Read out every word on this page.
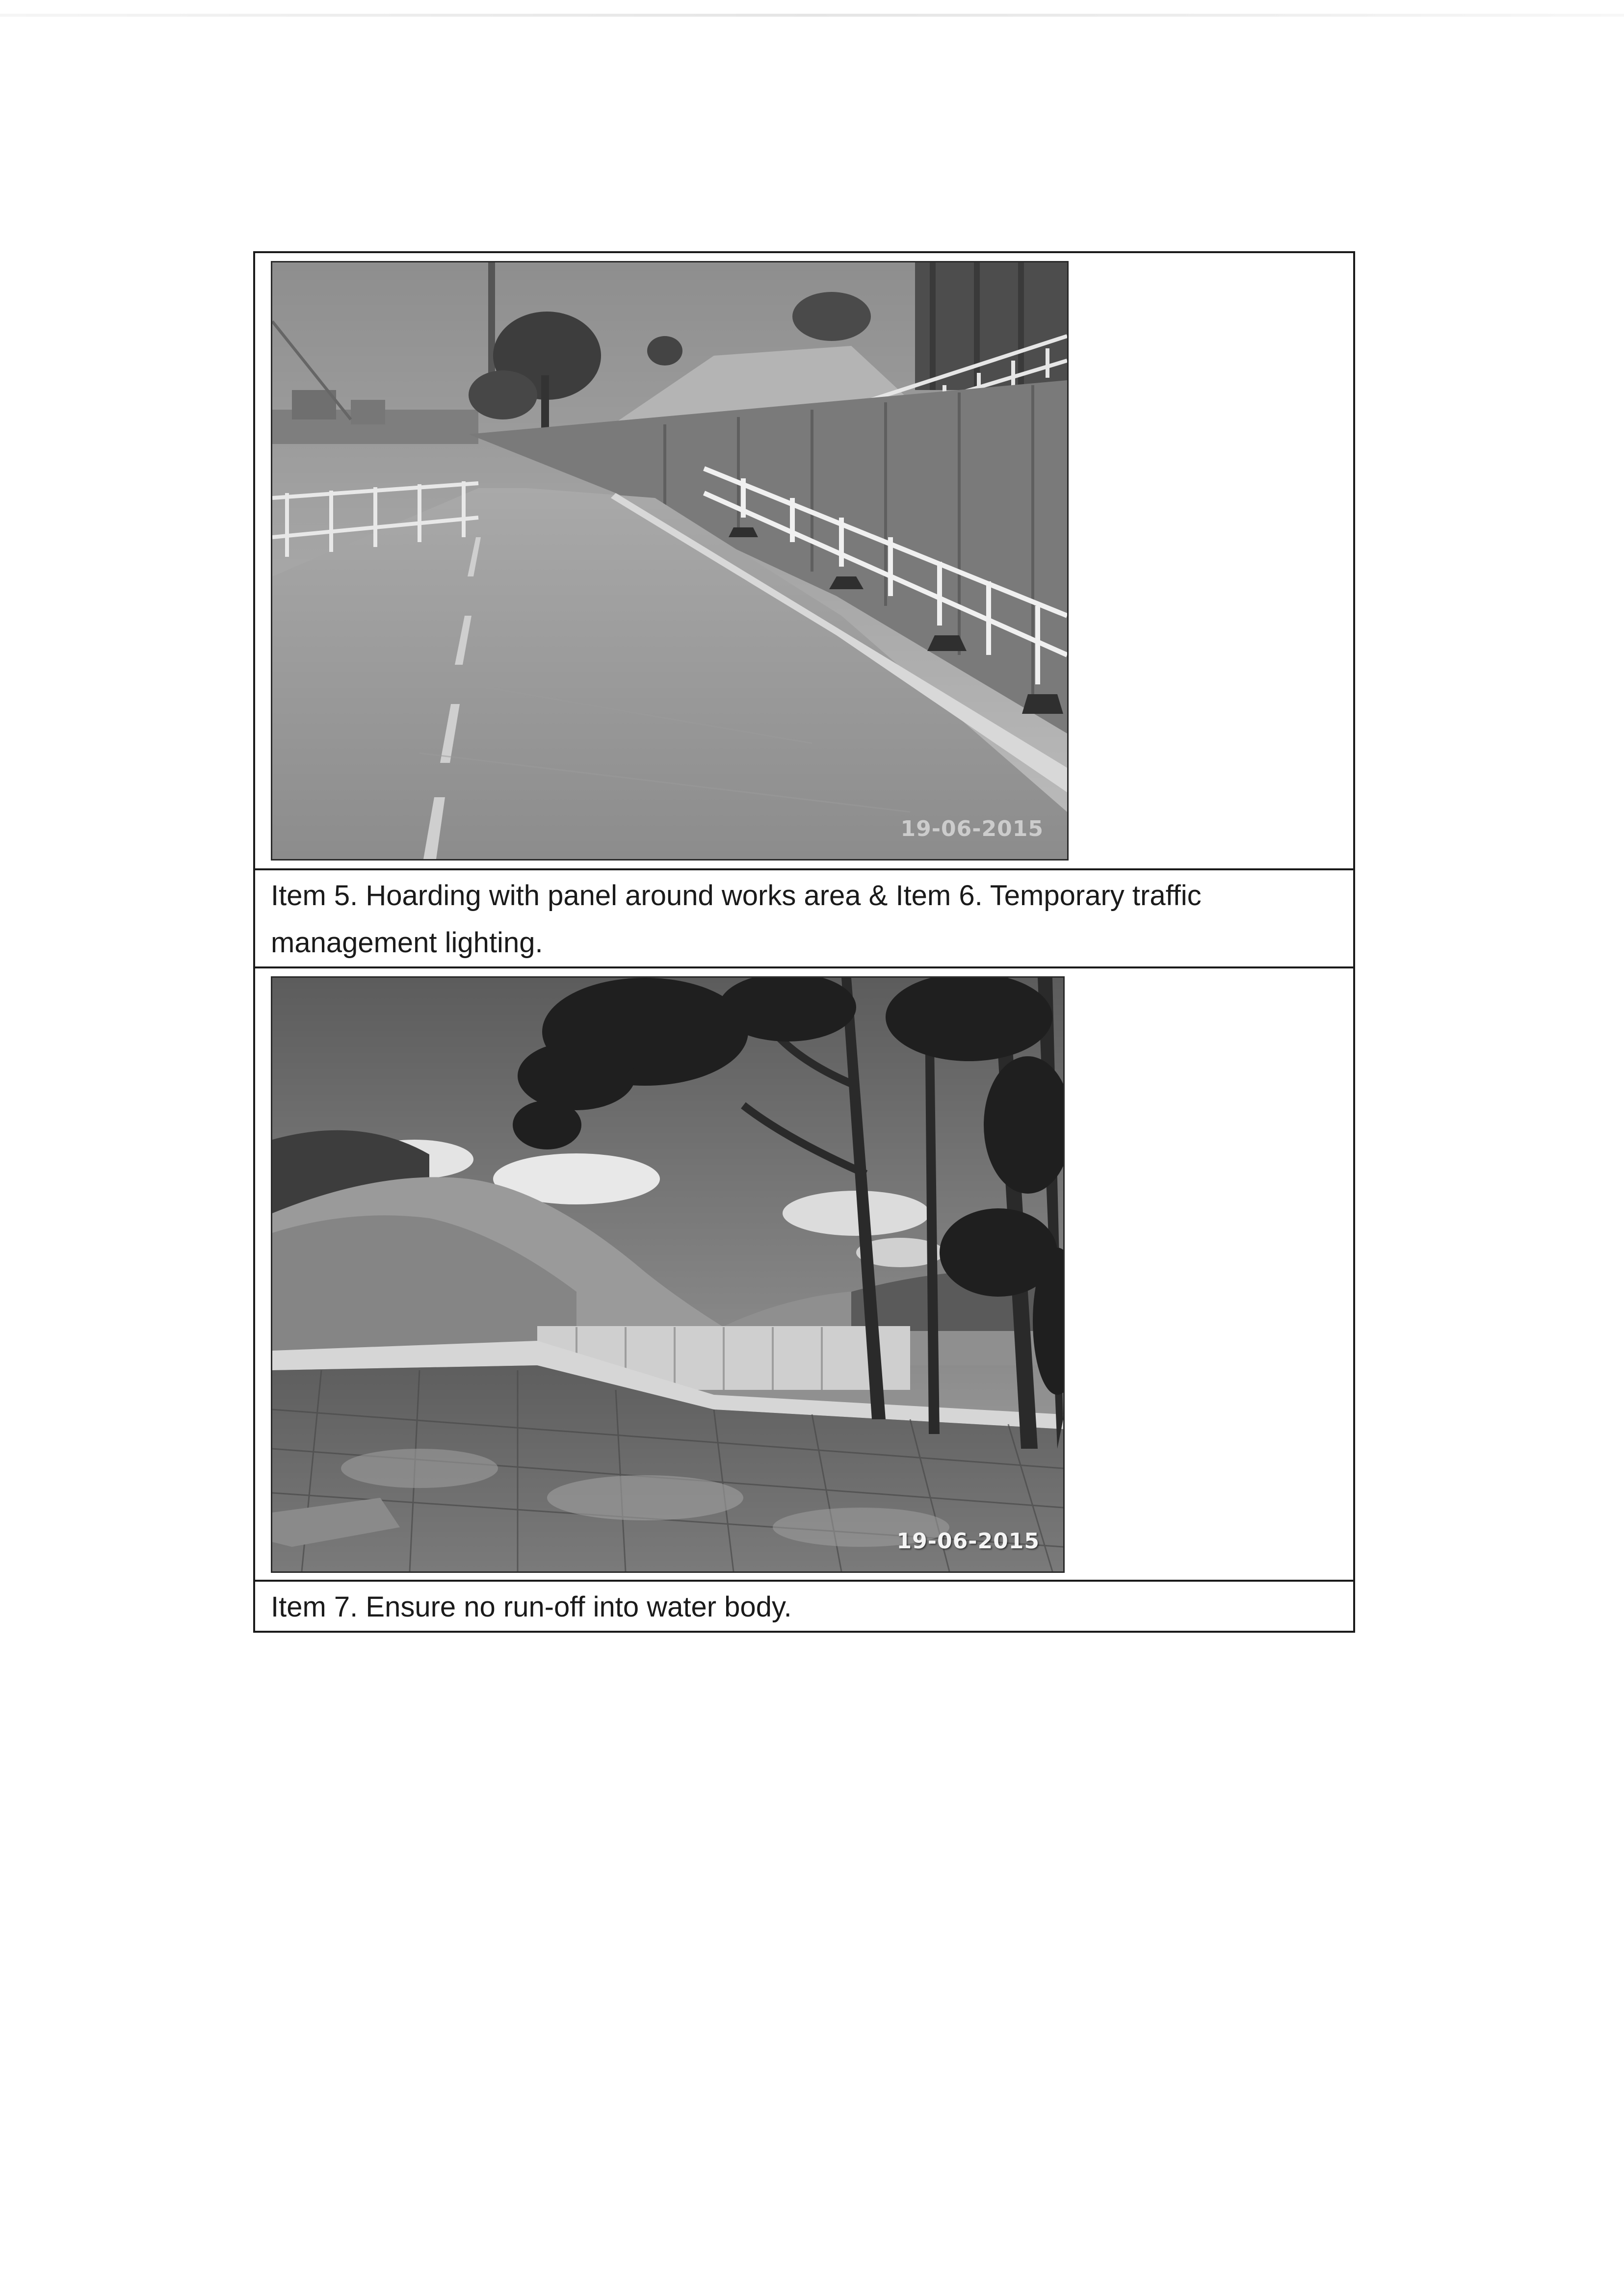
19-06-2015

Item 5. Hoarding with panel around works area & Item 6. Temporary traffic management lighting.

19-06-2015

Item 7. Ensure no run-off into water body.
